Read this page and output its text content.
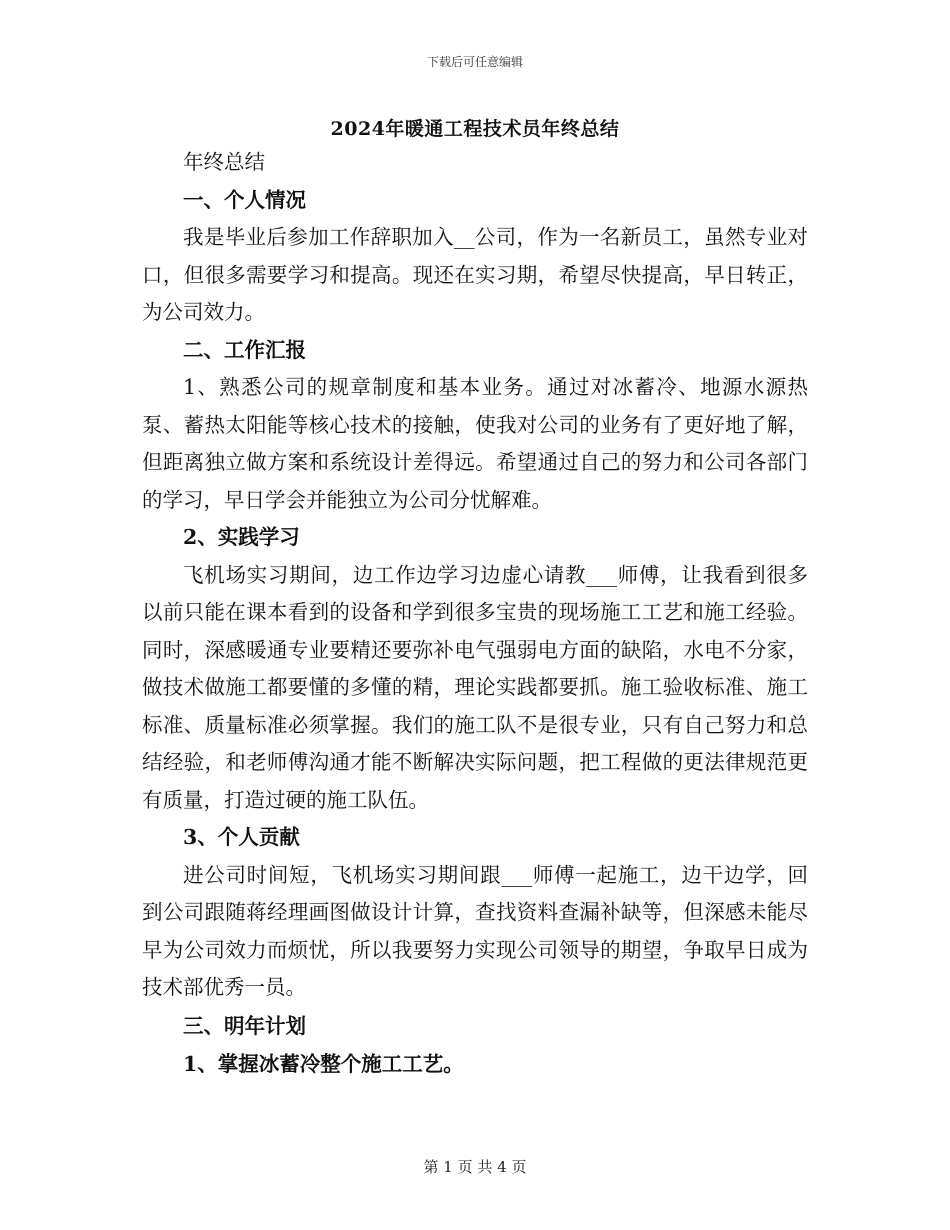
下载后可任意编辑
2024年暖通工程技术员年终总结

年终总结

一、个人情况

我是毕业后参加工作辞职加入__公司，作为一名新员工，虽然专业对口，但很多需要学习和提高。现还在实习期，希望尽快提高，早日转正，为公司效力。

二、工作汇报

1、熟悉公司的规章制度和基本业务。通过对冰蓄冷、地源水源热泵、蓄热太阳能等核心技术的接触，使我对公司的业务有了更好地了解，但距离独立做方案和系统设计差得远。希望通过自己的努力和公司各部门的学习，早日学会并能独立为公司分忧解难。

2、实践学习

飞机场实习期间，边工作边学习边虚心请教___师傅，让我看到很多以前只能在课本看到的设备和学到很多宝贵的现场施工工艺和施工经验。同时，深感暖通专业要精还要弥补电气强弱电方面的缺陷，水电不分家，做技术做施工都要懂的多懂的精，理论实践都要抓。施工验收标准、施工标准、质量标准必须掌握。我们的施工队不是很专业，只有自己努力和总结经验，和老师傅沟通才能不断解决实际问题，把工程做的更法律规范更有质量，打造过硬的施工队伍。

3、个人贡献

进公司时间短，飞机场实习期间跟___师傅一起施工，边干边学，回到公司跟随蒋经理画图做设计计算，查找资料查漏补缺等，但深感未能尽早为公司效力而烦忧，所以我要努力实现公司领导的期望，争取早日成为技术部优秀一员。

三、明年计划

1、掌握冰蓄冷整个施工工艺。

第 1 页 共 4 页
